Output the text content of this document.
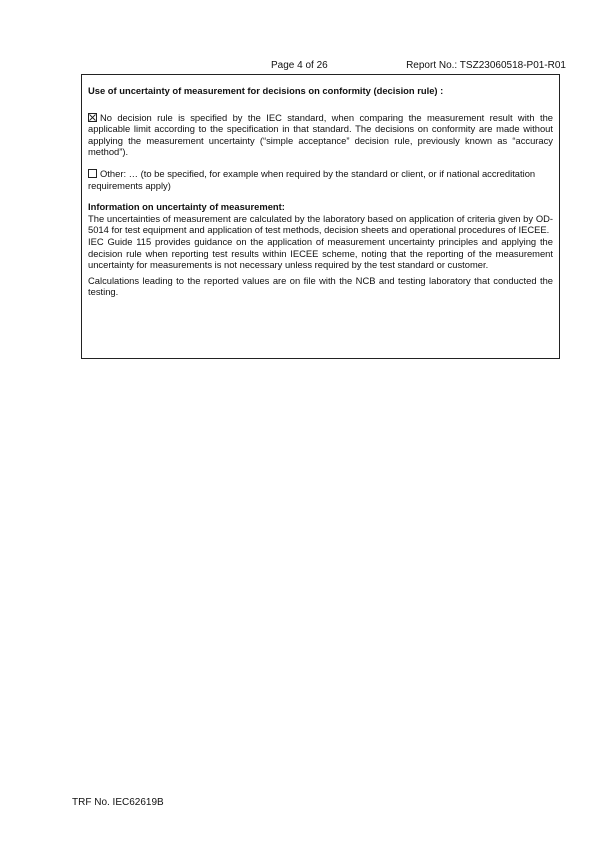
Page 4 of 26	Report No.: TSZ23060518-P01-R01
Use of uncertainty of measurement for decisions on conformity (decision rule) :

No decision rule is specified by the IEC standard, when comparing the measurement result with the applicable limit according to the specification in that standard. The decisions on conformity are made without applying the measurement uncertainty (“simple acceptance” decision rule, previously known as “accuracy method”).

Other: … (to be specified, for example when required by the standard or client, or if national accreditation requirements apply)

Information on uncertainty of measurement:

The uncertainties of measurement are calculated by the laboratory based on application of criteria given by OD-5014 for test equipment and application of test methods, decision sheets and operational procedures of IECEE.

IEC Guide 115 provides guidance on the application of measurement uncertainty principles and applying the decision rule when reporting test results within IECEE scheme, noting that the reporting of the measurement uncertainty for measurements is not necessary unless required by the test standard or customer.

Calculations leading to the reported values are on file with the NCB and testing laboratory that conducted the testing.

TRF No. IEC62619B
